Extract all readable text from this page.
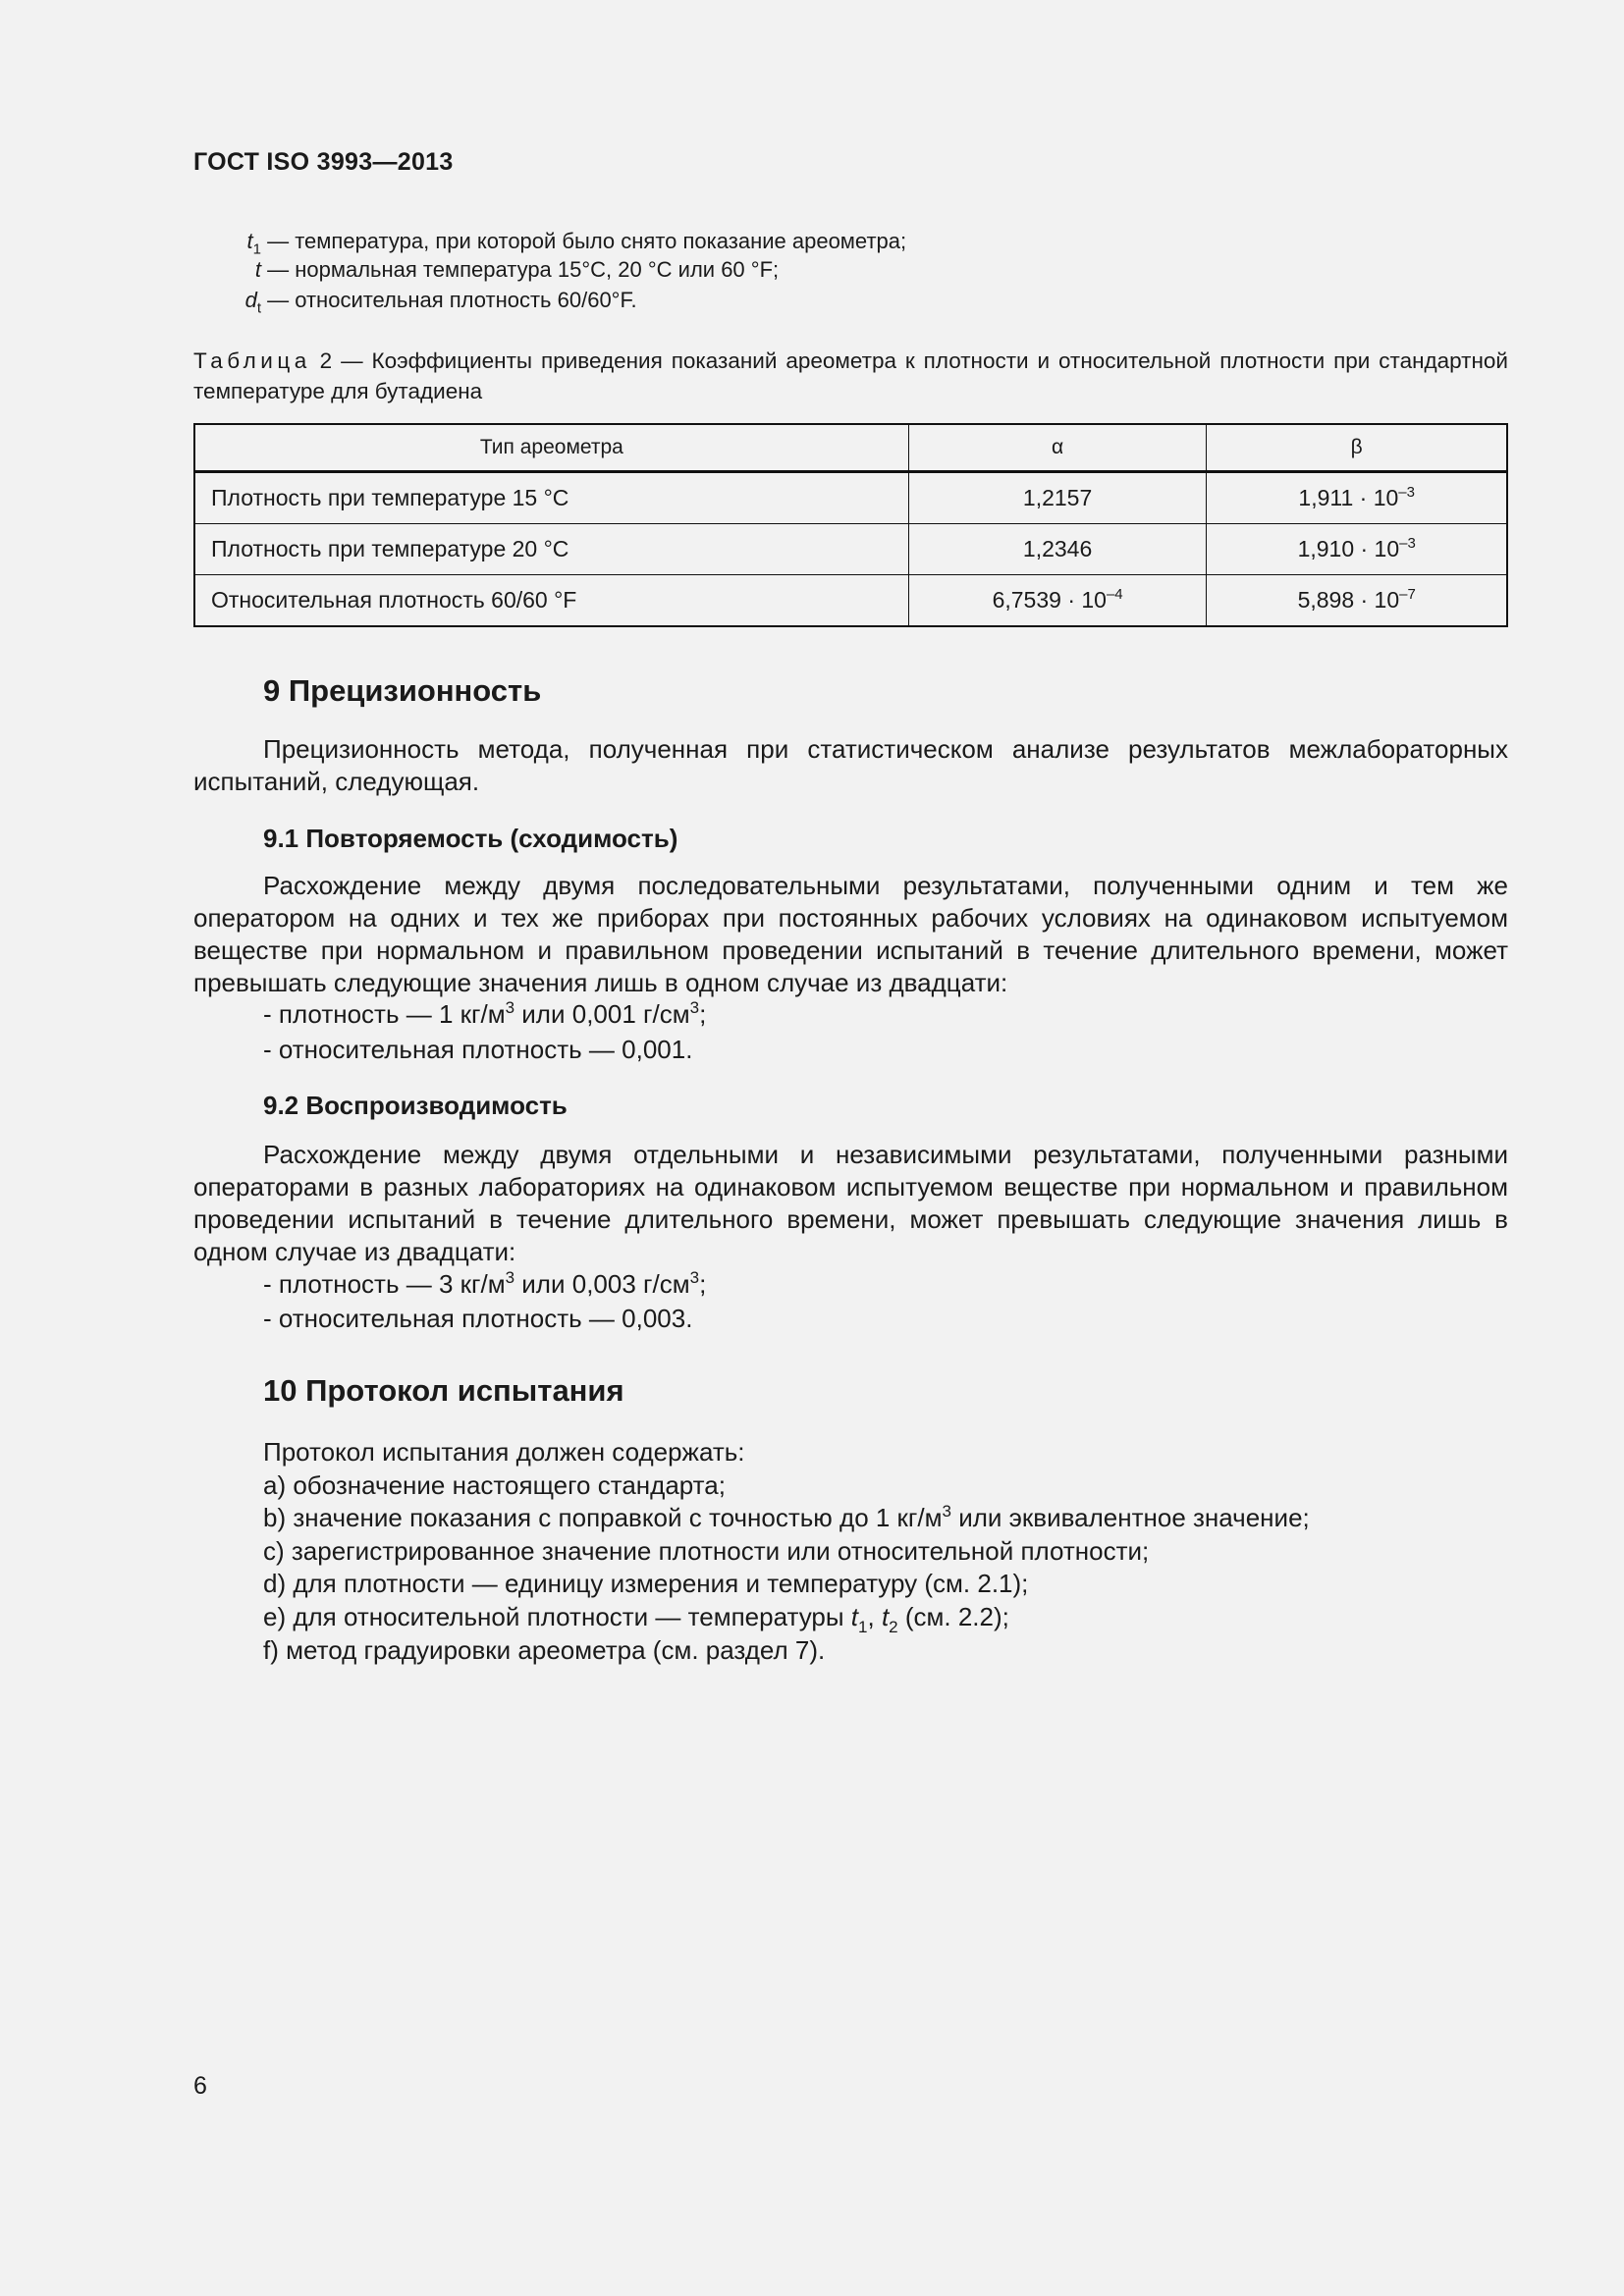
ГОСТ ISO 3993—2013
$t_1$ — температура, при которой было снято показание ареометра;
t — нормальная температура 15°С, 20 °С или 60 °F;
$d_t$ — относительная плотность 60/60°F.
Таблица 2 — Коэффициенты приведения показаний ареометра к плотности и относительной плотности при стандартной температуре для бутадиена
Тип ареометра	α	β
Плотность при температуре 15 °С	1,2157	$1,911 \cdot 10^{-3}$
Плотность при температуре 20 °С	1,2346	$1,910 \cdot 10^{-3}$
Относительная плотность 60/60 °F	$6,7539 \cdot 10^{-4}$	$5,898 \cdot 10^{-7}$
9 Прецизионность
Прецизионность метода, полученная при статистическом анализе результатов межлабораторных испытаний, следующая.
9.1 Повторяемость (сходимость)
Расхождение между двумя последовательными результатами, полученными одним и тем же оператором на одних и тех же приборах при постоянных рабочих условиях на одинаковом испытуемом веществе при нормальном и правильном проведении испытаний в течение длительного времени, может превышать следующие значения лишь в одном случае из двадцати:
- плотность — 1 $кг/м^3$ или 0,001 $г/см^3$;
- относительная плотность — 0,001.
9.2 Воспроизводимость
Расхождение между двумя отдельными и независимыми результатами, полученными разными операторами в разных лабораториях на одинаковом испытуемом веществе при нормальном и правильном проведении испытаний в течение длительного времени, может превышать следующие значения лишь в одном случае из двадцати:
- плотность — 3 $кг/м^3$ или 0,003 $г/см^3$;
- относительная плотность — 0,003.
10 Протокол испытания
Протокол испытания должен содержать:
а) обозначение настоящего стандарта;
b) значение показания с поправкой с точностью до 1 $кг/м^3$ или эквивалентное значение;
с) зарегистрированное значение плотности или относительной плотности;
d) для плотности — единицу измерения и температуру (см. 2.1);
е) для относительной плотности — температуры $t_1$, $t_2$ (см. 2.2);
f) метод градуировки ареометра (см. раздел 7).
6
